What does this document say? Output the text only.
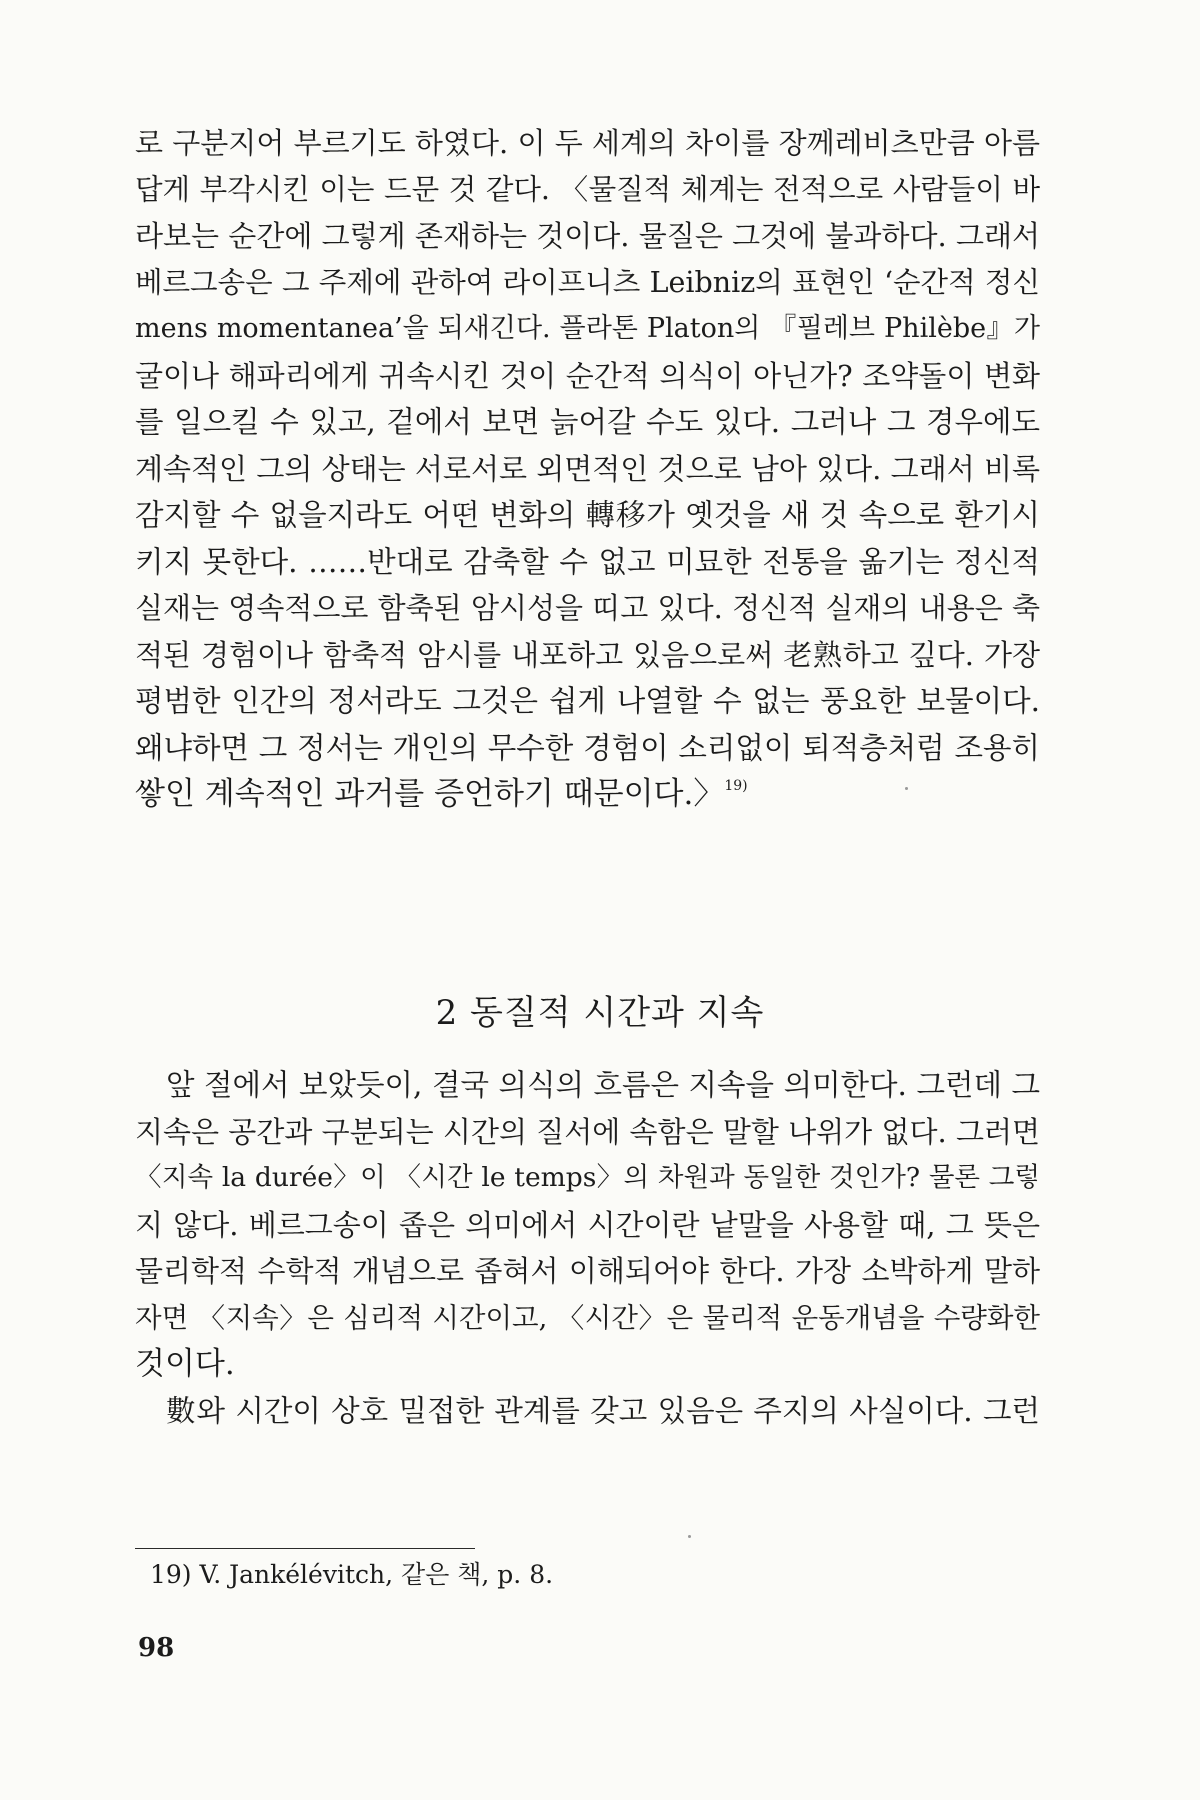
로 구분지어 부르기도 하였다. 이 두 세계의 차이를 장께레비츠만큼 아름
답게 부각시킨 이는 드문 것 같다. 〈물질적 체계는 전적으로 사람들이 바
라보는 순간에 그렇게 존재하는 것이다. 물질은 그것에 불과하다. 그래서
베르그송은 그 주제에 관하여 라이프니츠 Leibniz의 표현인 ‘순간적 정신
mens momentanea’을 되새긴다. 플라톤 Platon의 『필레브 Philèbe』가
굴이나 해파리에게 귀속시킨 것이 순간적 의식이 아닌가? 조약돌이 변화
를 일으킬 수 있고, 겉에서 보면 늙어갈 수도 있다. 그러나 그 경우에도
계속적인 그의 상태는 서로서로 외면적인 것으로 남아 있다. 그래서 비록
감지할 수 없을지라도 어떤 변화의 轉移가 옛것을 새 것 속으로 환기시
키지 못한다. ……반대로 감축할 수 없고 미묘한 전통을 옮기는 정신적
실재는 영속적으로 함축된 암시성을 띠고 있다. 정신적 실재의 내용은 축
적된 경험이나 함축적 암시를 내포하고 있음으로써 老熟하고 깊다. 가장
평범한 인간의 정서라도 그것은 쉽게 나열할 수 없는 풍요한 보물이다.
왜냐하면 그 정서는 개인의 무수한 경험이 소리없이 퇴적층처럼 조용히
쌓인 계속적인 과거를 증언하기 때문이다.〉$^{19)}$
2 동질적 시간과 지속
앞 절에서 보았듯이, 결국 의식의 흐름은 지속을 의미한다. 그런데 그
지속은 공간과 구분되는 시간의 질서에 속함은 말할 나위가 없다. 그러면
〈지속 la durée〉이 〈시간 le temps〉의 차원과 동일한 것인가? 물론 그렇
지 않다. 베르그송이 좁은 의미에서 시간이란 낱말을 사용할 때, 그 뜻은
물리학적 수학적 개념으로 좁혀서 이해되어야 한다. 가장 소박하게 말하
자면 〈지속〉은 심리적 시간이고, 〈시간〉은 물리적 운동개념을 수량화한
것이다.
數와 시간이 상호 밀접한 관계를 갖고 있음은 주지의 사실이다. 그런
19) V. Jankélévitch, 같은 책, p. 8.
98
